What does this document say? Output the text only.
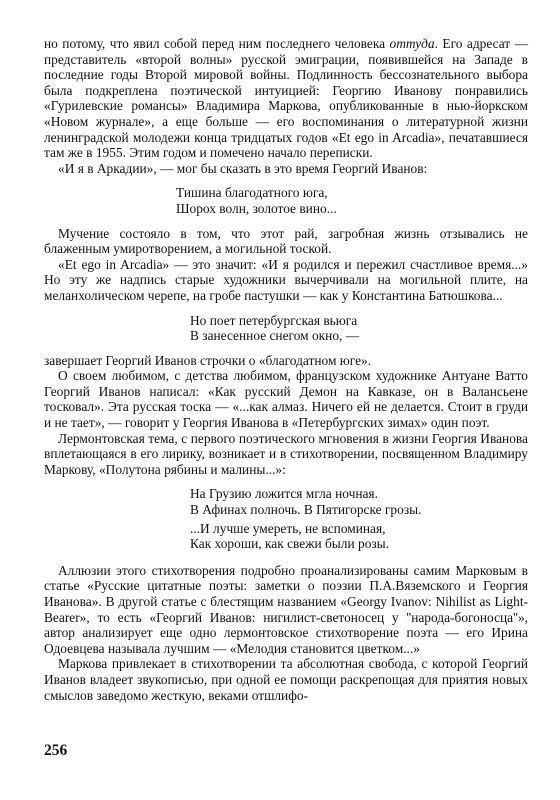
но потому, что явил собой перед ним последнего человека оттуда. Его адресат — представитель «второй волны» русской эмиграции, появившейся на Западе в последние годы Второй мировой войны. Подлинность бессознательного выбора была подкреплена поэтической интуицией: Георгию Иванову понравились «Гурилевские романсы» Владимира Маркова, опубликованные в нью-йоркском «Новом журнале», а еще больше — его воспоминания о литературной жизни ленинградской молодежи конца тридцатых годов «Et ego in Arcadia», печатавшиеся там же в 1955. Этим годом и помечено начало переписки.

«И я в Аркадии», — мог бы сказать в это время Георгий Иванов:

Тишина благодатного юга,
Шорох волн, золотое вино...

Мучение состояло в том, что этот рай, загробная жизнь отзывались не блаженным умиротворением, а могильной тоской.

«Et ego in Arcadia» — это значит: «И я родился и пережил счастливое время...» Но эту же надпись старые художники вычерчивали на могильной плите, на меланхолическом черепе, на гробе пастушки — как у Константина Батюшкова...

Но поет петербургская вьюга
В занесенное снегом окно, —

завершает Георгий Иванов строчки о «благодатном юге».

О своем любимом, с детства любимом, французском художнике Антуане Ватто Георгий Иванов написал: «Как русский Демон на Кавказе, он в Валансьене тосковал». Эта русская тоска — «...как алмаз. Ничего ей не делается. Стоит в груди и не тает», — говорит у Георгия Иванова в «Петербургских зимах» один поэт.

Лермонтовская тема, с первого поэтического мгновения в жизни Георгия Иванова вплетающаяся в его лирику, возникает и в стихотворении, посвященном Владимиру Маркову, «Полутона рябины и малины...»:

На Грузию ложится мгла ночная.
В Афинах полночь. В Пятигорске грозы.
...И лучше умереть, не вспоминая,
Как хороши, как свежи были розы.

Аллюзии этого стихотворения подробно проанализированы самим Марковым в статье «Русские цитатные поэты: заметки о поэзии П.А.Вяземского и Георгия Иванова». В другой статье с блестящим названием «Georgy Ivanov: Nihilist as Light-Bearer», то есть «Георгий Иванов: нигилист-светоносец у ''народа-богоносца''», автор анализирует еще одно лермонтовское стихотворение поэта — его Ирина Одоевцева называла лучшим — «Мелодия становится цветком...»

Маркова привлекает в стихотворении та абсолютная свобода, с которой Георгий Иванов владеет звукописью, при одной ее помощи раскрепощая для приятия новых смыслов заведомо жесткую, веками отшлифо-

256
